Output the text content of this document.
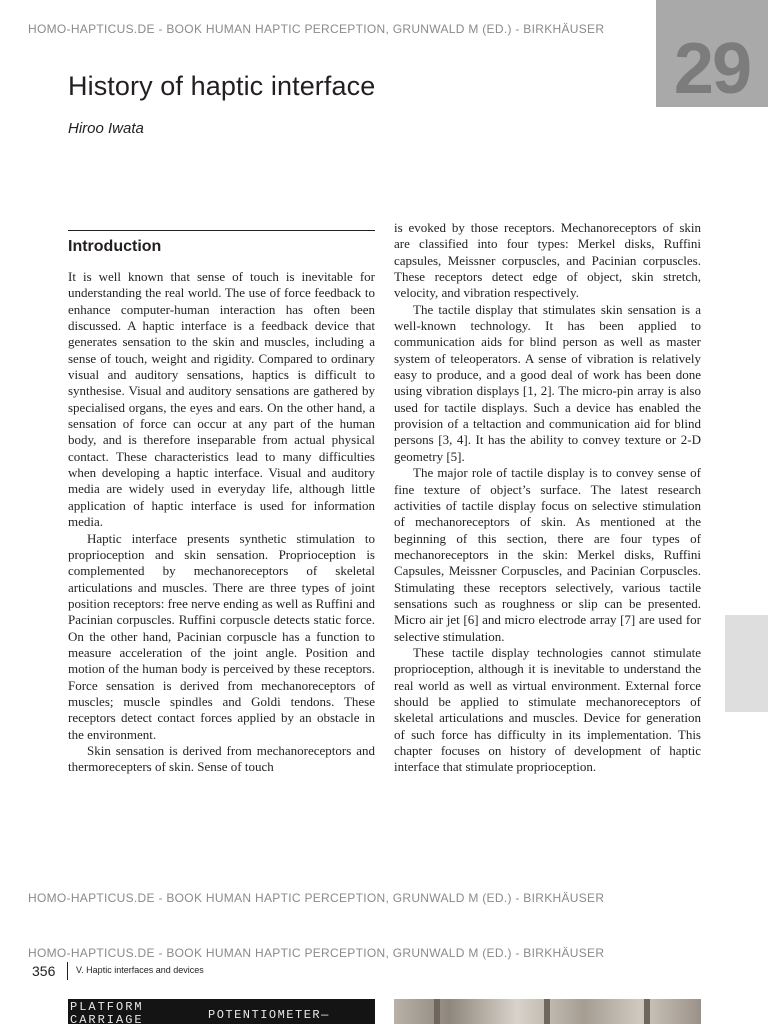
HOMO-HAPTICUS.DE - BOOK HUMAN HAPTIC PERCEPTION, GRUNWALD M (ED.) - BIRKHÄUSER 29
History of haptic interface
Hiroo Iwata
Introduction

It is well known that sense of touch is inevitable for understanding the real world. The use of force feedback to enhance computer-human interaction has often been discussed. A haptic interface is a feedback device that generates sensation to the skin and muscles, including a sense of touch, weight and rigidity. Compared to ordinary visual and auditory sensations, haptics is difficult to synthesise. Visual and auditory sensations are gathered by specialised organs, the eyes and ears. On the other hand, a sensation of force can occur at any part of the human body, and is therefore inseparable from actual physical contact. These characteristics lead to many difficulties when developing a haptic interface. Visual and auditory media are widely used in everyday life, although little application of haptic interface is used for information media.

Haptic interface presents synthetic stimulation to proprioception and skin sensation. Proprioception is complemented by mechanoreceptors of skeletal articulations and muscles. There are three types of joint position receptors: free nerve ending as well as Ruffini and Pacinian corpuscles. Ruffini corpuscle detects static force. On the other hand, Pacinian corpuscle has a function to measure acceleration of the joint angle. Position and motion of the human body is perceived by these receptors. Force sensation is derived from mechanoreceptors of muscles; muscle spindles and Goldi tendons. These receptors detect contact forces applied by an obstacle in the environment.

Skin sensation is derived from mechanoreceptors and thermorecepters of skin. Sense of touch

is evoked by those receptors. Mechanoreceptors of skin are classified into four types: Merkel disks, Ruffini capsules, Meissner corpuscles, and Pacinian corpuscles. These receptors detect edge of object, skin stretch, velocity, and vibration respectively.

The tactile display that stimulates skin sensation is a well-known technology. It has been applied to communication aids for blind person as well as master system of teleoperators. A sense of vibration is relatively easy to produce, and a good deal of work has been done using vibration displays [1, 2]. The micro-pin array is also used for tactile displays. Such a device has enabled the provision of a teltaction and communication aid for blind persons [3, 4]. It has the ability to convey texture or 2-D geometry [5].

The major role of tactile display is to convey sense of fine texture of object’s surface. The latest research activities of tactile display focus on selective stimulation of mechanoreceptors of skin. As mentioned at the beginning of this section, there are four types of mechanoreceptors in the skin: Merkel disks, Ruffini Capsules, Meissner Corpuscles, and Pacinian Corpuscles. Stimulating these receptors selectively, various tactile sensations such as roughness or slip can be presented. Micro air jet [6] and micro electrode array [7] are used for selective stimulation.

These tactile display technologies cannot stimulate proprioception, although it is inevitable to understand the real world as well as virtual environment. External force should be applied to stimulate mechanoreceptors of skeletal articulations and muscles. Device for generation of such force has difficulty in its implementation. This chapter focuses on history of development of haptic interface that stimulate proprioception.

HOMO-HAPTICUS.DE - BOOK HUMAN HAPTIC PERCEPTION, GRUNWALD M (ED.) - BIRKHÄUSER
HOMO-HAPTICUS.DE - BOOK HUMAN HAPTIC PERCEPTION, GRUNWALD M (ED.) - BIRKHÄUSER
356 V. Haptic interfaces and devices
PLATFORM
CARRIAGE	POTENTIOMETER—
